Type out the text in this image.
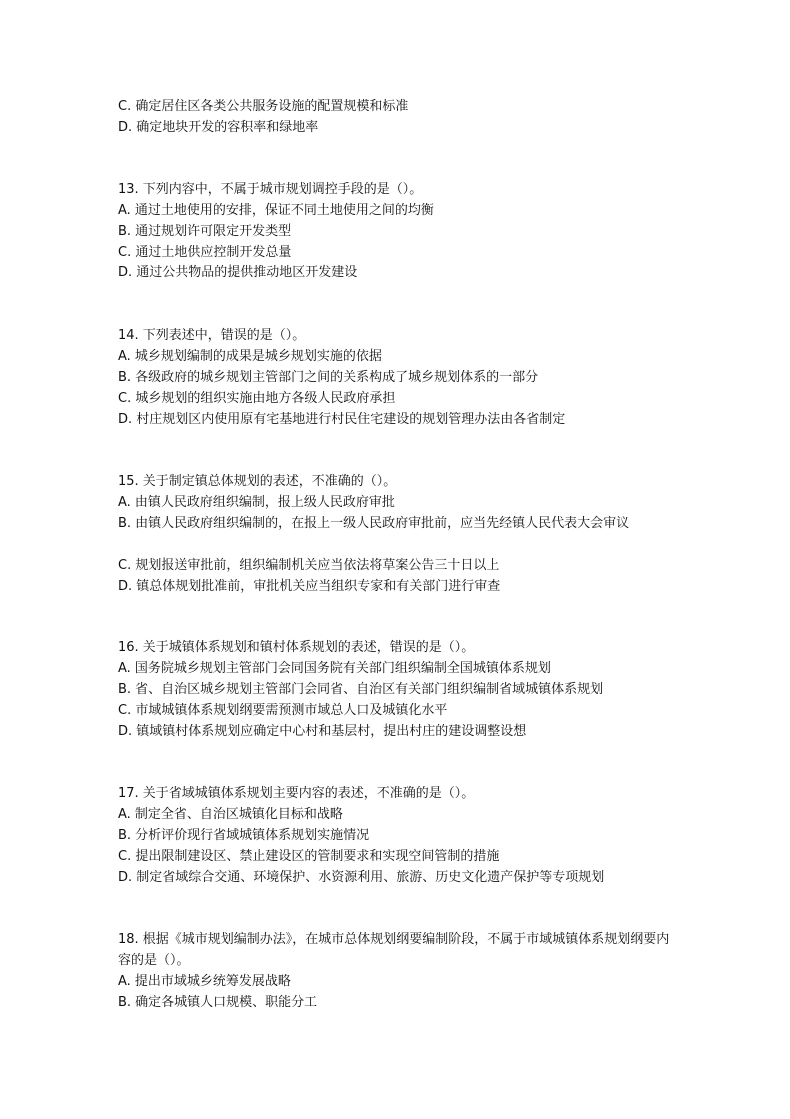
C. 确定居住区各类公共服务设施的配置规模和标准
D. 确定地块开发的容积率和绿地率
13. 下列内容中，不属于城市规划调控手段的是（）。
A. 通过土地使用的安排，保证不同土地使用之间的均衡
B. 通过规划许可限定开发类型
C. 通过土地供应控制开发总量
D. 通过公共物品的提供推动地区开发建设
14. 下列表述中，错误的是（）。
A. 城乡规划编制的成果是城乡规划实施的依据
B. 各级政府的城乡规划主管部门之间的关系构成了城乡规划体系的一部分
C. 城乡规划的组织实施由地方各级人民政府承担
D. 村庄规划区内使用原有宅基地进行村民住宅建设的规划管理办法由各省制定
15. 关于制定镇总体规划的表述，不准确的（）。
A. 由镇人民政府组织编制，报上级人民政府审批
B. 由镇人民政府组织编制的，在报上一级人民政府审批前，应当先经镇人民代表大会审议
C. 规划报送审批前，组织编制机关应当依法将草案公告三十日以上
D. 镇总体规划批准前，审批机关应当组织专家和有关部门进行审查
16. 关于城镇体系规划和镇村体系规划的表述，错误的是（）。
A. 国务院城乡规划主管部门会同国务院有关部门组织编制全国城镇体系规划
B. 省、自治区城乡规划主管部门会同省、自治区有关部门组织编制省域城镇体系规划
C. 市域城镇体系规划纲要需预测市域总人口及城镇化水平
D. 镇域镇村体系规划应确定中心村和基层村，提出村庄的建设调整设想
17. 关于省域城镇体系规划主要内容的表述，不准确的是（）。
A. 制定全省、自治区城镇化目标和战略
B. 分析评价现行省域城镇体系规划实施情况
C. 提出限制建设区、禁止建设区的管制要求和实现空间管制的措施
D. 制定省域综合交通、环境保护、水资源利用、旅游、历史文化遗产保护等专项规划
18. 根据《城市规划编制办法》，在城市总体规划纲要编制阶段，不属于市域城镇体系规划纲要内容的是（）。
A. 提出市域城乡统筹发展战略
B. 确定各城镇人口规模、职能分工
